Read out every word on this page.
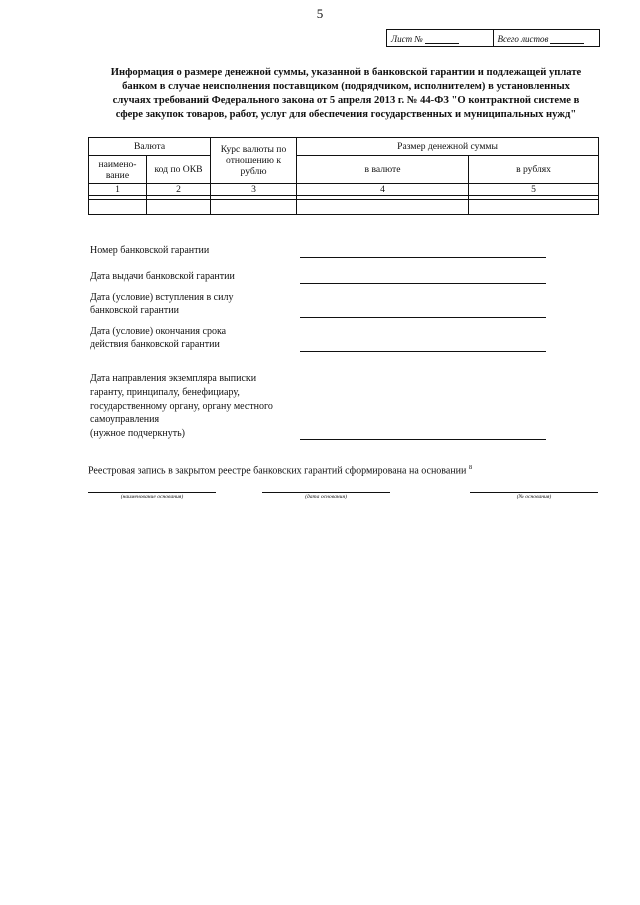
5
Лист №	Всего листов
Информация о размере денежной суммы, указанной в банковской гарантии и подлежащей уплате
банком в случае неисполнения поставщиком (подрядчиком, исполнителем) в установленных
случаях требований Федерального закона от 5 апреля 2013 г. № 44-ФЗ "О контрактной системе в
сфере закупок товаров, работ, услуг для обеспечения государственных и муниципальных нужд"
Валюта		Курс валюты по отношению к рублю	Размер денежной суммы	
наимено-вание	код по ОКВ		в валюте	в рублях
1	2	3	4	5

Номер банковской гарантии
Дата выдачи банковской гарантии
Дата (условие) вступления в силу
банковской гарантии
Дата (условие) окончания срока
действия банковской гарантии
Дата направления экземпляра выписки
гаранту, принципалу, бенефициару,
государственному органу, органу местного
самоуправления
(нужное подчеркнуть)
Реестровая запись в закрытом реестре банковских гарантий сформирована на основании $^8$
(наименование основания)	(дата основания)	(№ основания)
